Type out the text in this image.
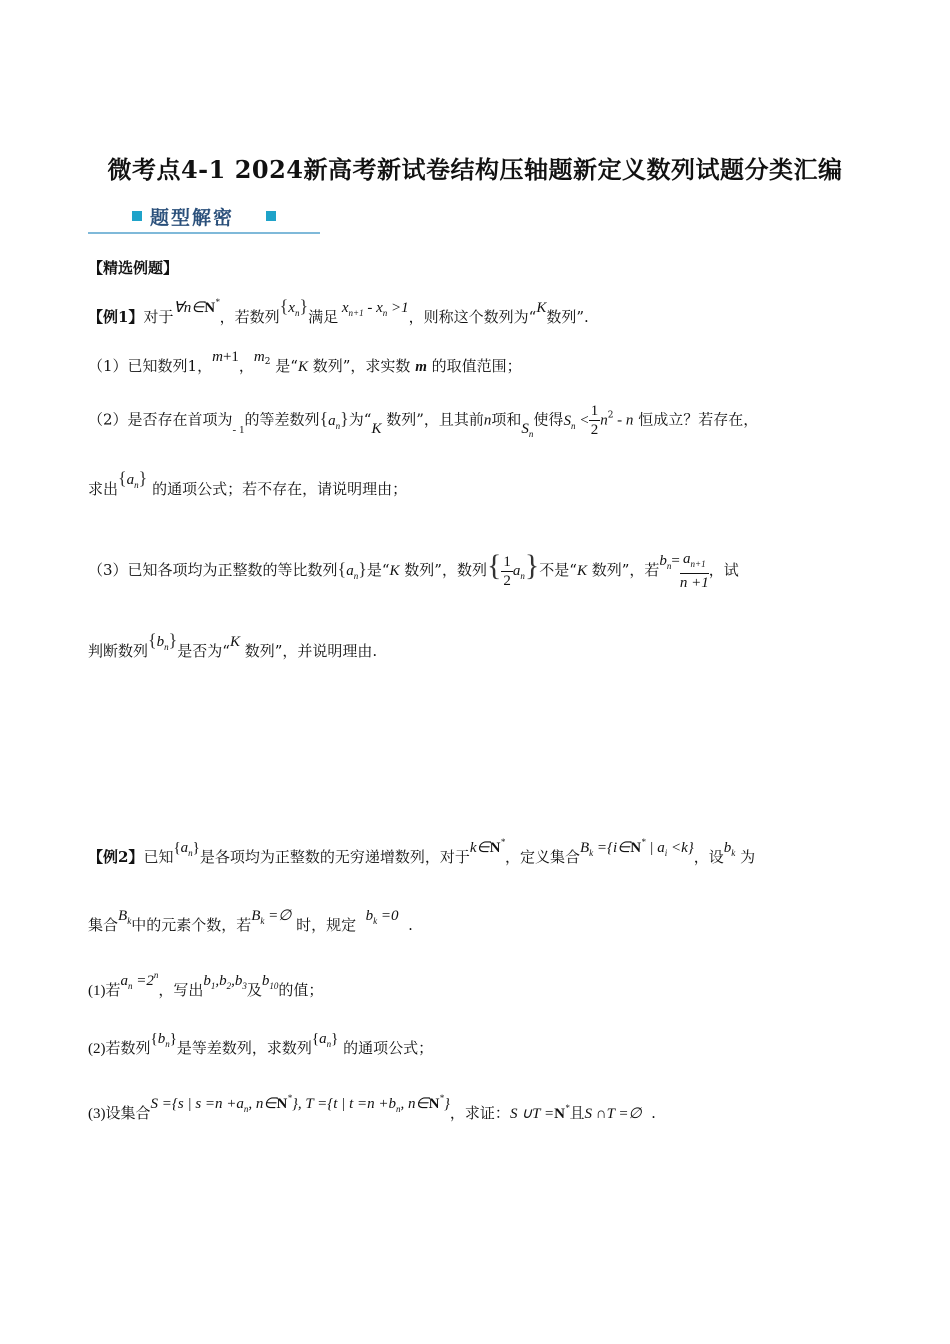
微考点4-1 2024新高考新试卷结构压轴题新定义数列试题分类汇编
题型解密
【精选例题】
【例1】对于∀n∈N*，若数列$\{x_n\}$满足 $x_{n+1} - x_n >1$，则称这个数列为“K数列”.
（1）已知数列1，m+1，$m^2$ 是“K 数列”，求实数 m 的取值范围；
（2）是否存在首项为$_{- 1}$的等差数列$\{a_n\}$为“K 数列”，且其前n项和$S_n$使得$S_n < \frac{1}{2} n^2 - n$ 恒成立？若存在，
求出$\{a_n\}$ 的通项公式；若不存在，请说明理由；
（3）已知各项均为正整数的等比数列$\{a_n\}$是“K 数列”，数列{ $\frac{1}{2} a_n$}不是“K 数列”，若$b_n= \frac{a_{n+1}}{n +1}$ ，试
判断数列$\{b_n\}$是否为“K 数列”，并说明理由.
【例2】已知$\{a_n\}$是各项均为正整数的无穷递增数列，对于k∈N*，定义集合$B_k$ ={i∈N* | $a_i <k$}，设$b_k$ 为
集合$B_k$中的元素个数，若$B_k$ =∅ 时，规定 $b_k =0$ .
(1)若$a_n =2^n$，写出$b_1,b_2,b_3$及$b_{10}$的值；
(2)若数列$\{b_n\}$是等差数列，求数列$\{a_n\}$ 的通项公式；
(3)设集合S ={s | $s =n +a_n$, n∈N*}, T ={t | $t =n +b_n$, n∈N*}，求证：S ∪T =N*且S ∩T =∅ .
